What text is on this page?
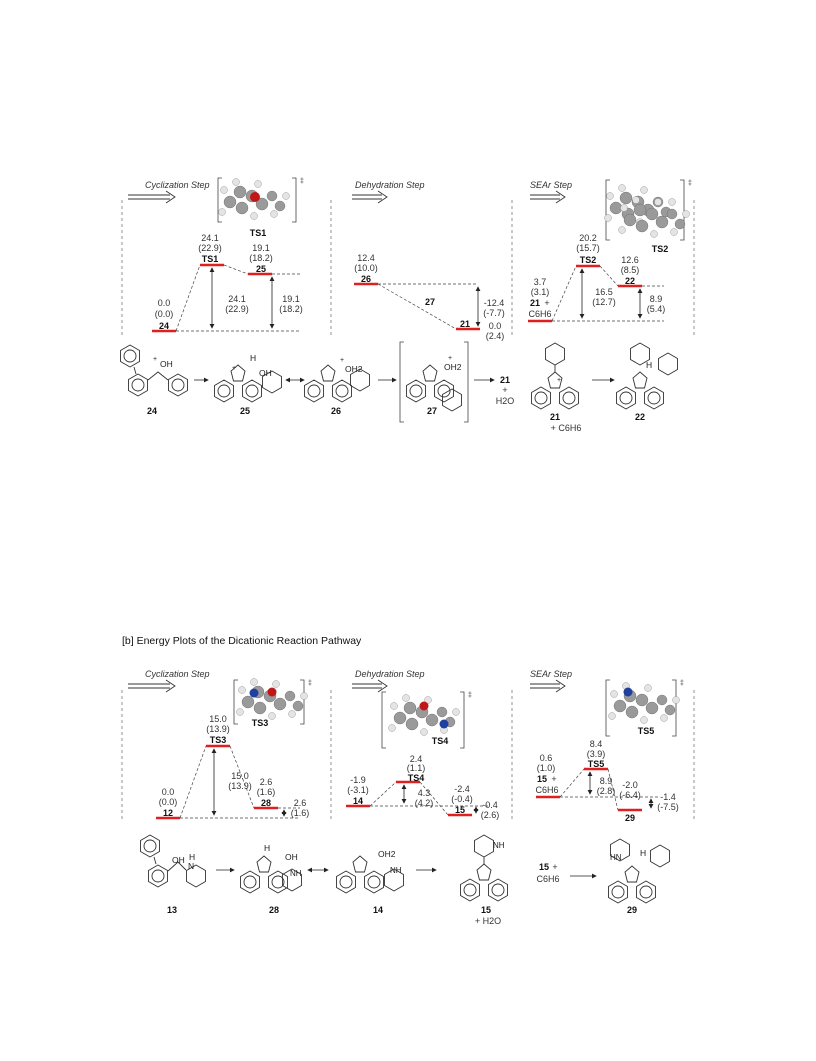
Cyclization Step	Dehydration Step	SEAr Step
‡
TS1
‡
TS2
0.0
(0.0)
24
24.1
(22.9)
TS1
19.1
(18.2)
25
24.1
(22.9)
19.1
(18.2)
12.4
(10.0)
26
27
21
-12.4
(-7.7)
0.0
(2.4)
3.7
(3.1)
21 +
C6H6
20.2
(15.7)
TS2	12.6
(8.5)
22
16.5
(12.7)	8.9
(5.4)
OH
+
24
H
OH
+
25
OH2
+
26
OH2
+
27
21
+
H2O
+
21
+ C6H6
H
22
[b] Energy Plots of the Dicationic Reaction Pathway
Cyclization Step	Dehydration Step	SEAr Step
‡
TS3
‡
TS4
‡
TS5
0.0
(0.0)
12
15.0
(13.9)
TS3
2.6
(1.6)
28
15.0
(13.9)
2.6
(1.6)
-1.9
(-3.1)
14
2.4
(1.1)
TS4
-2.4
(-0.4)
15
4.3
(4.2)	-0.4
(2.6)
0.6
(1.0)
15 +
C6H6
8.4
(3.9)
TS5
-2.0
(-6.4)
29
8.9
(2.8)
-1.4
(-7.5)
OH H
N
13
OH
H
NH
28
OH2
NH
14
NH
15
+ H2O
15 +
C6H6
HN H
29
